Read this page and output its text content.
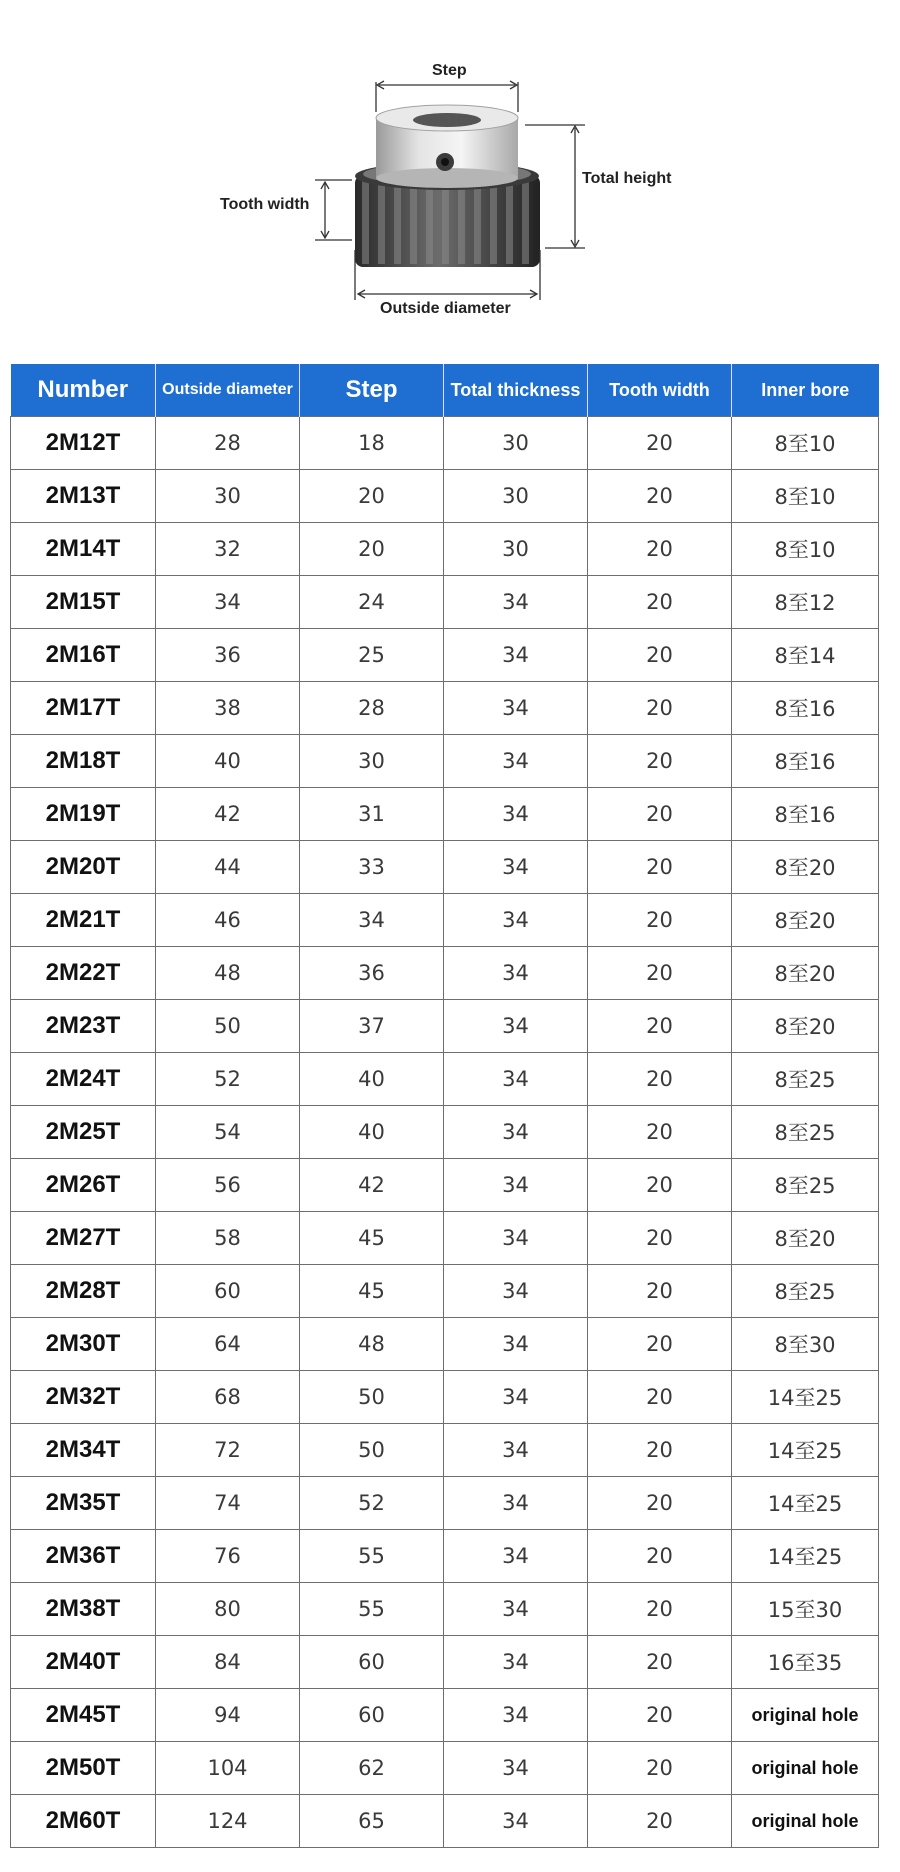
Step
Total height
Tooth width
Outside diameter
Number	Outside diameter	Step	Total thickness	Tooth width	Inner bore
2M12T	28	18	30	20	8至10
2M13T	30	20	30	20	8至10
2M14T	32	20	30	20	8至10
2M15T	34	24	34	20	8至12
2M16T	36	25	34	20	8至14
2M17T	38	28	34	20	8至16
2M18T	40	30	34	20	8至16
2M19T	42	31	34	20	8至16
2M20T	44	33	34	20	8至20
2M21T	46	34	34	20	8至20
2M22T	48	36	34	20	8至20
2M23T	50	37	34	20	8至20
2M24T	52	40	34	20	8至25
2M25T	54	40	34	20	8至25
2M26T	56	42	34	20	8至25
2M27T	58	45	34	20	8至20
2M28T	60	45	34	20	8至25
2M30T	64	48	34	20	8至30
2M32T	68	50	34	20	14至25
2M34T	72	50	34	20	14至25
2M35T	74	52	34	20	14至25
2M36T	76	55	34	20	14至25
2M38T	80	55	34	20	15至30
2M40T	84	60	34	20	16至35
2M45T	94	60	34	20	original hole
2M50T	104	62	34	20	original hole
2M60T	124	65	34	20	original hole
